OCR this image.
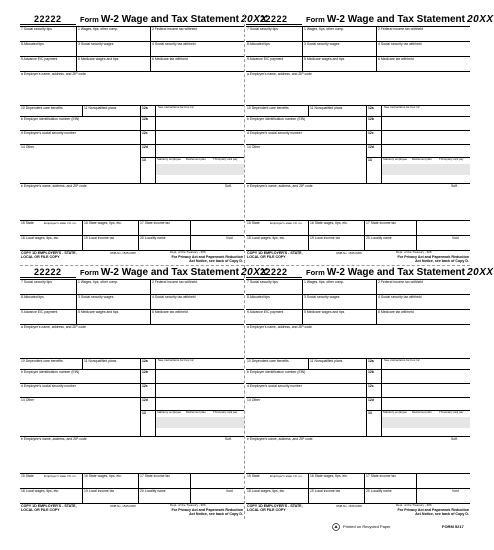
22222 Form W-2 Wage and Tax Statement 20XX
7 Social security tips	1 Wages, tips, other comp.	2 Federal income tax withheld
8 Allocated tips	3 Social security wages	4 Social security tax withheld
9 Advance EIC payment	5 Medicare wages and tips	6 Medicare tax withheld
a Employer's name, address, and ZIP code
10 Dependent care benefits	11 Nonqualified plans	12a	See instructions for box 12
b Employer identification number (EIN)	12b
d Employee's social security number	12c
14 Other	12d
13	Statutory employee Retirement plan	Third-party sick pay
e Employee's name, address, and ZIP code	Suff.
15 State	Employer's state I.D. no.	16 State wages, tips, etc.	17 State income tax
18 Local wages, tips, etc.	19 Local income tax	20 Locality name	Void
COPY 1D EMPLOYER'S - STATE,
LOCAL OR FILE COPY
OMB No. 1545-0008	Dept. of the Treasury - IRS
For Privacy Act and Paperwork Reduction
Act Notice, see back of Copy D.
22222 Form W-2 Wage and Tax Statement 20XX
7 Social security tips	1 Wages, tips, other comp.	2 Federal income tax withheld
8 Allocated tips	3 Social security wages	4 Social security tax withheld
9 Advance EIC payment	5 Medicare wages and tips	6 Medicare tax withheld
a Employer's name, address, and ZIP code
10 Dependent care benefits	11 Nonqualified plans	12a	See instructions for box 12
b Employer identification number (EIN)	12b
d Employee's social security number	12c
14 Other	12d
13	Statutory employee Retirement plan	Third-party sick pay
e Employee's name, address, and ZIP code	Suff.
15 State	Employer's state I.D. no.	16 State wages, tips, etc.	17 State income tax
18 Local wages, tips, etc.	19 Local income tax	20 Locality name	Void
COPY 1D EMPLOYER'S - STATE,
LOCAL OR FILE COPY
OMB No. 1545-0008	Dept. of the Treasury - IRS
For Privacy Act and Paperwork Reduction
Act Notice, see back of Copy D.
22222 Form W-2 Wage and Tax Statement 20XX
7 Social security tips	1 Wages, tips, other comp.	2 Federal income tax withheld
8 Allocated tips	3 Social security wages	4 Social security tax withheld
9 Advance EIC payment	5 Medicare wages and tips	6 Medicare tax withheld
a Employer's name, address, and ZIP code
10 Dependent care benefits	11 Nonqualified plans	12a	See instructions for box 12
b Employer identification number (EIN)	12b
d Employee's social security number	12c
14 Other	12d
13	Statutory employee Retirement plan	Third-party sick pay
e Employee's name, address, and ZIP code	Suff.
15 State	Employer's state I.D. no.	16 State wages, tips, etc.	17 State income tax
18 Local wages, tips, etc.	19 Local income tax	20 Locality name	Void
COPY 1D EMPLOYER'S - STATE,
LOCAL OR FILE COPY
OMB No. 1545-0008	Dept. of the Treasury - IRS
For Privacy Act and Paperwork Reduction
Act Notice, see back of Copy D.
22222 Form W-2 Wage and Tax Statement 20XX
7 Social security tips	1 Wages, tips, other comp.	2 Federal income tax withheld
8 Allocated tips	3 Social security wages	4 Social security tax withheld
9 Advance EIC payment	5 Medicare wages and tips	6 Medicare tax withheld
a Employer's name, address, and ZIP code
10 Dependent care benefits	11 Nonqualified plans	12a	See instructions for box 12
b Employer identification number (EIN)	12b
d Employee's social security number	12c
14 Other	12d
13	Statutory employee Retirement plan	Third-party sick pay
e Employee's name, address, and ZIP code	Suff.
15 State	Employer's state I.D. no.	16 State wages, tips, etc.	17 State income tax
18 Local wages, tips, etc.	19 Local income tax	20 Locality name	Void
COPY 1D EMPLOYER'S - STATE,
LOCAL OR FILE COPY
OMB No. 1545-0008	Dept. of the Treasury - IRS
For Privacy Act and Paperwork Reduction
Act Notice, see back of Copy D.
Printed on Recycled Paper	FORM 5217
